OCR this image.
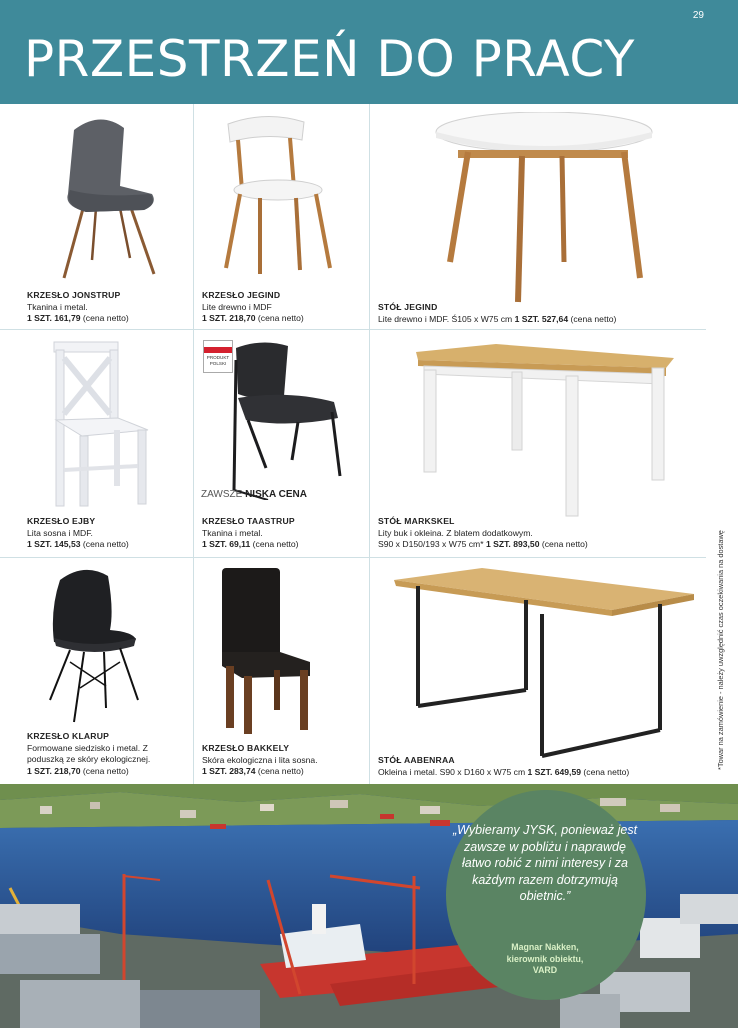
PRZESTRZEŃ DO PRACY
29
KRZESŁO JONSTRUP
Tkanina i metal.
1 SZT. 161,79 (cena netto)
KRZESŁO JEGIND
Lite drewno i MDF
1 SZT. 218,70 (cena netto)
STÓŁ JEGIND
Lite drewno i MDF. Ś105 x W75 cm 1 SZT. 527,64 (cena netto)
KRZESŁO EJBY
Lita sosna i MDF.
1 SZT. 145,53 (cena netto)
PRODUKT
POLSKI
ZAWSZE NISKA CENA
KRZESŁO TAASTRUP
Tkanina i metal.
1 SZT. 69,11 (cena netto)
STÓŁ MARKSKEL
Lity buk i okleina. Z blatem dodatkowym.
S90 x D150/193 x W75 cm* 1 SZT. 893,50 (cena netto)
KRZESŁO KLARUP
Formowane siedzisko i metal. Z
poduszką ze skóry ekologicznej.
1 SZT. 218,70 (cena netto)
KRZESŁO BAKKELY
Skóra ekologiczna i lita sosna.
1 SZT. 283,74 (cena netto)
STÓŁ AABENRAA
Okleina i metal. S90 x D160 x W75 cm 1 SZT. 649,59 (cena netto)
*Towar na zamówienie - należy uwzględnić czas oczekiwania na dostawę
„Wybieramy JYSK, ponieważ jest zawsze w pobliżu i naprawdę łatwo robić z nimi interesy i za każdym razem dotrzymują obietnic.”
Magnar Nakken,
kierownik obiektu,
VARD
